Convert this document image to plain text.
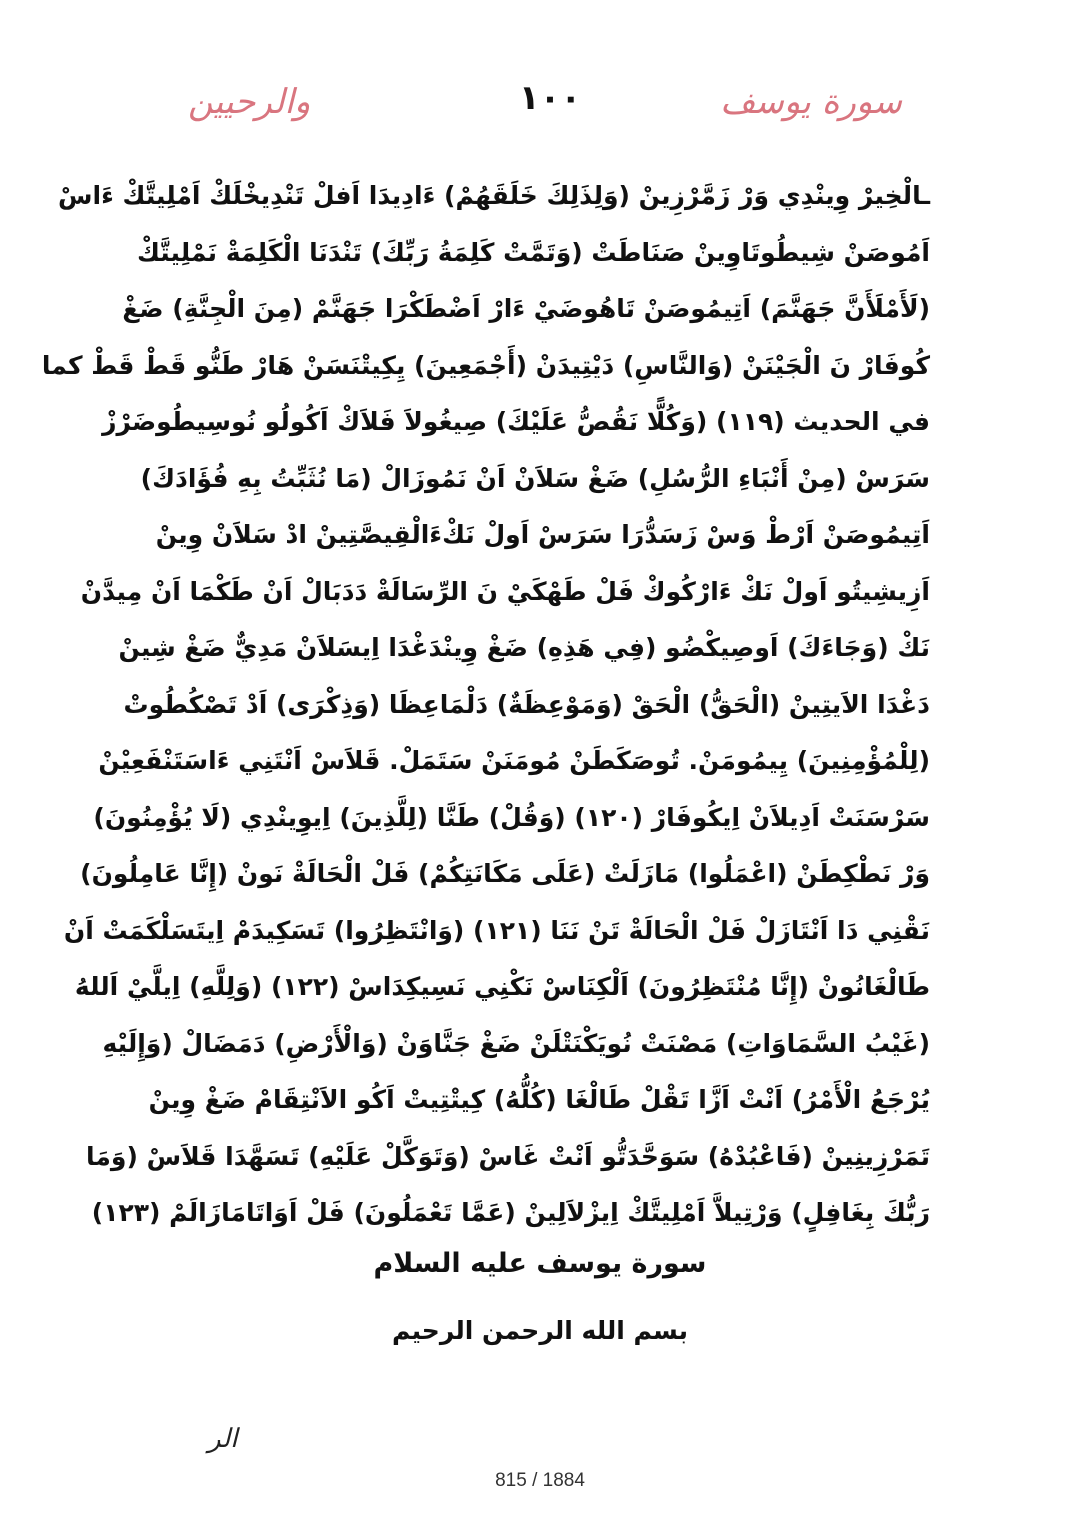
سورة يوسف
١٠٠
والرحيين
ـالْخِيرْ وِينْدِي وَرْ زَمَّرْزِينْ (وَلِذَلِكَ خَلَقَهُمْ) ءَادِيدَا اَفلْ تَنْدِيخْلَكْ اَمْلِيتَّكْ ءَاسْ
اَمُوصَنْ شِيطُوتَاوِينْ صَنَاطَتْ (وَتَمَّتْ كَلِمَةُ رَبِّكَ) تَنْدَنَا الْكَلِمَةْ نَمْلِيتَّكْ
(لَأَمْلَأَنَّ جَهَنَّمَ) اَتِيمُوصَنْ تَاهُوضَيْ ءَارْ اَضْطَكْرَا جَهَنَّمْ (مِنَ الْجِنَّةِ) ضَغْ
كُوفَارْ نَ الْجَيْنَنْ (وَالنَّاسِ) دَيْتِيدَنْ (أَجْمَعِينَ) يِكِيتْنَسَنْ هَارْ طَنُّو قَطْ قَطْ كما
في الحديث (١١٩) (وَكُلًّا نَقُصُّ عَلَيْكَ) صِيغُولاَ فَلاَكْ اَكُولُو نُوسِيطُوضَرْزْ
سَرَسْ (مِنْ أَنْبَاءِ الرُّسُلِ) ضَغْ سَلاَنْ اَنْ نَمُوزَالْ (مَا نُثَبِّتُ بِهِ فُؤَادَكَ)
اَتِيمُوصَنْ اَرْطْ وَسْ زَسَدُّرَا سَرَسْ اَولْ نَكْءَالْقِيصَّتِينْ ادْ سَلاَنْ وِينْ
اَزِيشِيتُو اَولْ نَكْ ءَارْكُوكْ فَلْ طَهْكَيْ نَ الرِّسَالَةْ دَدَبَالْ اَنْ طَكْمَا اَنْ مِيدَّنْ
نَكْ (وَجَاءَكَ) اَوصِيكْضُو (فِي هَذِهِ) ضَغْ وِينْدَغْدَا اِيسَلاَنْ مَدِيٌّ ضَغْ شِينْ
دَغْدَا الاَيتِينْ (الْحَقُّ) الْحَقْ (وَمَوْعِظَةٌ) دَلْمَاعِظَا (وَذِكْرَى) اَدْ تَصْكُطُوتْ
(لِلْمُؤْمِنِينَ) يِيمُومَنْ. تُوصَكَطَنْ مُومَنَنْ سَتَمَلْ. قَلاَسْ اَنْتَنِي ءَاسَتَنْفَعِيْنْ
سَرْسَنَتْ اَدِيلاَنْ اِيكُوفَارْ (١٢٠) (وَقُلْ) طَنَّا (لِلَّذِينَ) اِيوِينْدِي (لَا يُؤْمِنُونَ)
وَرْ نَطْكِطَنْ (اعْمَلُوا) مَازَلَتْ (عَلَى مَكَانَتِكُمْ) فَلْ الْحَالَةْ نَونْ (إِنَّا عَامِلُونَ)
نَقْنِي دَا اَنْتَازَلْ فَلْ الْحَالَةْ تَنْ نَنَا (١٢١) (وَانْتَظِرُوا) تَسَكِيدَمْ اِيتَسَلْكَمَتْ اَنْ
طَالْغَانُونْ (إِنَّا مُنْتَظِرُونَ) اَلْكِنَاسْ نَكْنِي نَسِيكِدَاسْ (١٢٢) (وَلِلَّهِ) اِيلَّيْ اَللهُ
(غَيْبُ السَّمَاوَاتِ) مَصْنَتْ نُويَكْنَتْلَنْ ضَغْ جَنَّاوَنْ (وَالْأَرْضِ) دَمَضَالْ (وَإِلَيْهِ
يُرْجَعُ الْأَمْرُ) اَنْتْ اَزَّا تَقْلْ طَالْغَا (كُلُّهُ) كِيتْتِيتْ اَكُو الاَنْتِقَامْ ضَغْ وِينْ
تَمَرْزِينِينْ (فَاعْبُدْهُ) سَوَحَّدَتُّو اَنْتْ غَاسْ (وَتَوَكَّلْ عَلَيْهِ) تَسَهَّدَا قَلاَسْ (وَمَا
رَبُّكَ بِغَافِلٍ) وَرْتِيلاَّ اَمْلِيتَّكْ اِيزْلاَلِينْ (عَمَّا تَعْمَلُونَ) فَلْ اَوَاتَامَازَالَمْ (١٢٣)
سورة يوسف عليه السلام
بسم الله الرحمن الرحيم
الر
815 / 1884
